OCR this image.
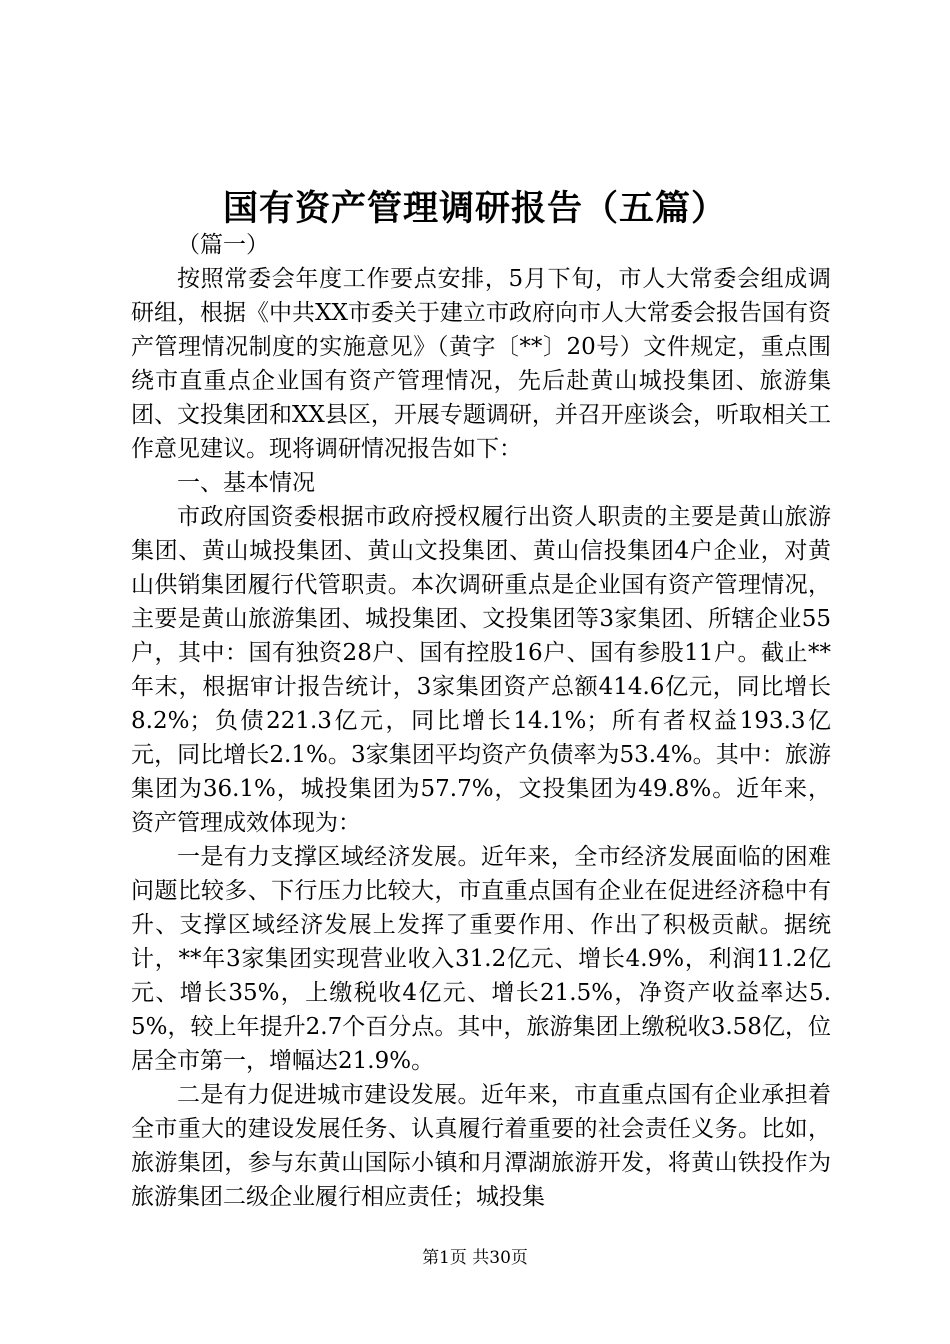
国有资产管理调研报告（五篇）

（篇一）

按照常委会年度工作要点安排，5月下旬，市人大常委会组成调研组，根据《中共XX市委关于建立市政府向市人大常委会报告国有资产管理情况制度的实施意见》（黄字〔**〕20号）文件规定，重点围绕市直重点企业国有资产管理情况，先后赴黄山城投集团、旅游集团、文投集团和XX县区，开展专题调研，并召开座谈会，听取相关工作意见建议。现将调研情况报告如下：

一、基本情况

市政府国资委根据市政府授权履行出资人职责的主要是黄山旅游集团、黄山城投集团、黄山文投集团、黄山信投集团4户企业，对黄山供销集团履行代管职责。本次调研重点是企业国有资产管理情况，主要是黄山旅游集团、城投集团、文投集团等3家集团、所辖企业55户，其中：国有独资28户、国有控股16户、国有参股11户。截止**年末，根据审计报告统计，3家集团资产总额414.6亿元，同比增长8.2%；负债221.3亿元，同比增长14.1%；所有者权益193.3亿元，同比增长2.1%。3家集团平均资产负债率为53.4%。其中：旅游集团为36.1%，城投集团为57.7%，文投集团为49.8%。近年来，资产管理成效体现为：

一是有力支撑区域经济发展。近年来，全市经济发展面临的困难问题比较多、下行压力比较大，市直重点国有企业在促进经济稳中有升、支撑区域经济发展上发挥了重要作用、作出了积极贡献。据统计，**年3家集团实现营业收入31.2亿元、增长4.9%，利润11.2亿元、增长35%，上缴税收4亿元、增长21.5%，净资产收益率达5.5%，较上年提升2.7个百分点。其中，旅游集团上缴税收3.58亿，位居全市第一，增幅达21.9%。

二是有力促进城市建设发展。近年来，市直重点国有企业承担着全市重大的建设发展任务、认真履行着重要的社会责任义务。比如，旅游集团，参与东黄山国际小镇和月潭湖旅游开发，将黄山铁投作为旅游集团二级企业履行相应责任；城投集

第1页 共30页
